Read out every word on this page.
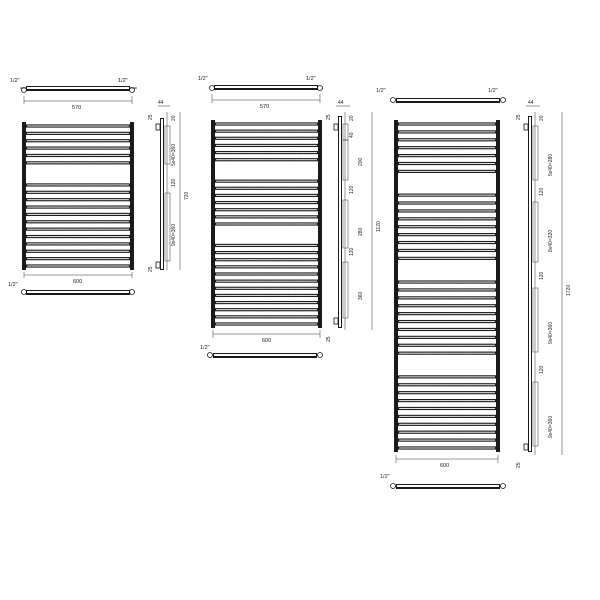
1/2"	1/2"
570
600
1/2"
44
25	20
5x40=360
120
9x40=360
720
25
1/2"	1/2"
570
600
1/2"
44
25	20
40
200
120
280
120
360
1120
25
1/2"	1/2"
600
1/2"
44
25	20
5x40=280
120
8x40=320
120
9x40=360
120
9x40=360
1720
25
